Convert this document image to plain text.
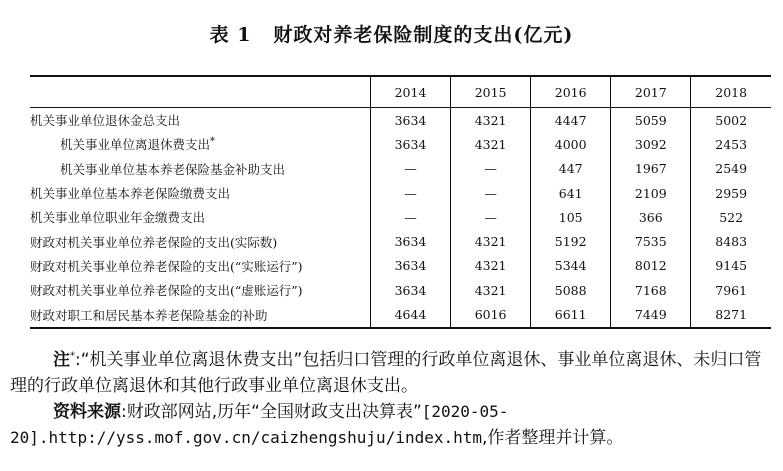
表 1 财政对养老保险制度的支出(亿元)
	2014	2015	2016	2017	2018
机关事业单位退休金总支出	3634	4321	4447	5059	5002
机关事业单位离退休费支出*	3634	4321	4000	3092	2453
机关事业单位基本养老保险基金补助支出	—	—	447	1967	2549
机关事业单位基本养老保险缴费支出	—	—	641	2109	2959
机关事业单位职业年金缴费支出	—	—	105	366	522
财政对机关事业单位养老保险的支出(实际数)	3634	4321	5192	7535	8483
财政对机关事业单位养老保险的支出(“实账运行”)	3634	4321	5344	8012	9145
财政对机关事业单位养老保险的支出(“虚账运行”)	3634	4321	5088	7168	7961
财政对职工和居民基本养老保险基金的补助	4644	6016	6611	7449	8271

注*:“机关事业单位离退休费支出”包括归口管理的行政单位离退休、事业单位离退休、未归口管理的行政单位离退休和其他行政事业单位离退休支出。

资料来源:财政部网站,历年“全国财政支出决算表”[2020-05-20].http://yss.mof.gov.cn/caizhengshuju/index.htm,作者整理并计算。
